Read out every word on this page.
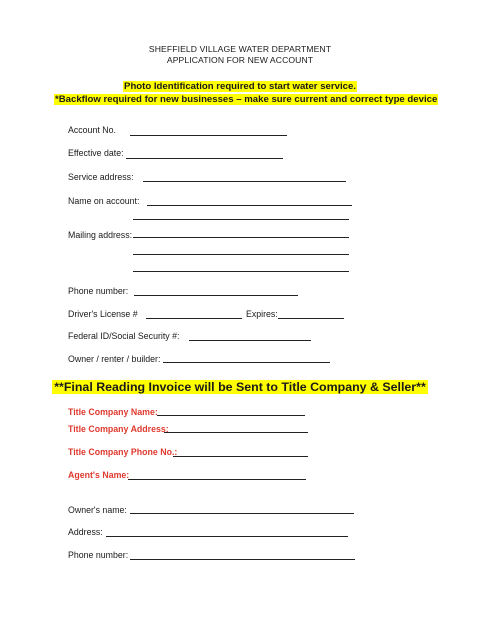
SHEFFIELD VILLAGE WATER DEPARTMENT
APPLICATION FOR NEW ACCOUNT
Photo Identification required to start water service.
*Backflow required for new businesses – make sure current and correct type device
Account No.
Effective date:
Service address:
Name on account:
Mailing address:
Phone number:
Driver's License #	Expires:
Federal ID/Social Security #:
Owner / renter / builder:
**Final Reading Invoice will be Sent to Title Company & Seller**
Title Company Name:
Title Company Address:
Title Company Phone No.:
Agent's Name:
Owner's name:
Address:
Phone number:
